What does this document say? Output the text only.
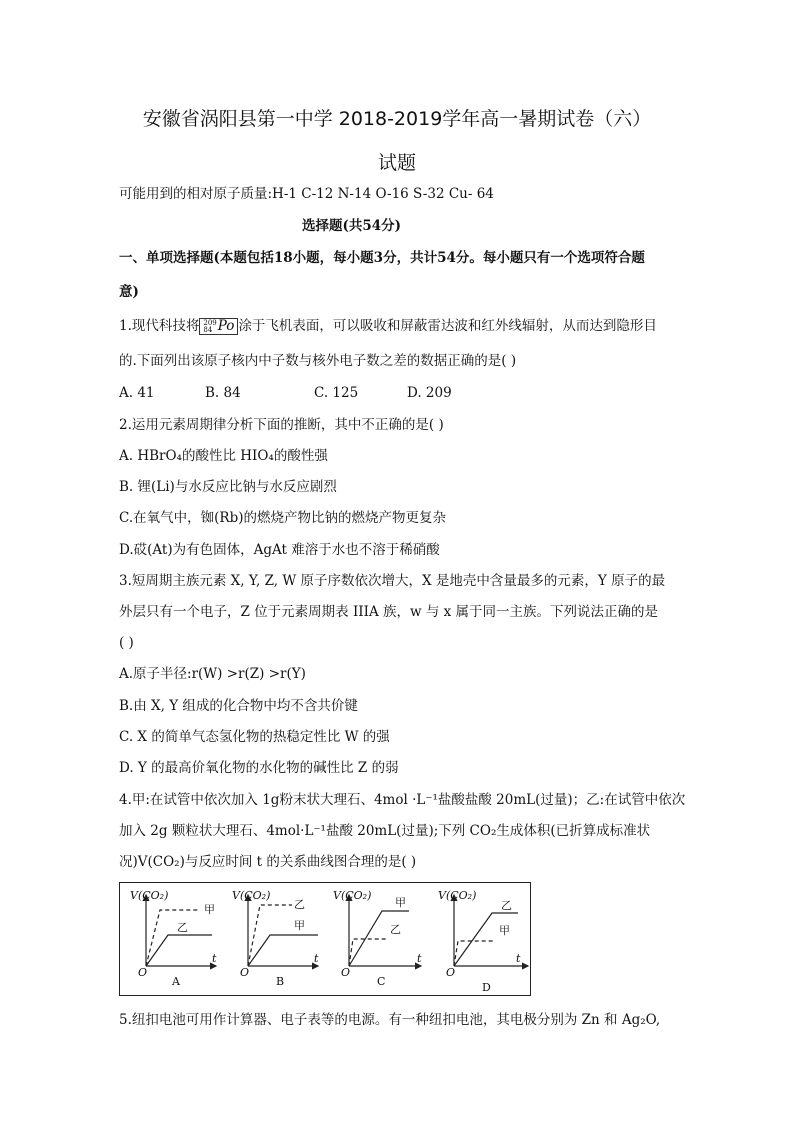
安徽省涡阳县第一中学 2018-2019学年高一暑期试卷（六）
试题
可能用到的相对原子质量:H-1 C-12 N-14 O-16 S-32 Cu- 64
选择题(共54分)
一、单项选择题(本题包括18小题，每小题3分，共计54分。每小题只有一个选项符合题
意)
1.现代科技将 209
84 Po 涂于飞机表面，可以吸收和屏蔽雷达波和红外线辐射，从而达到隐形目
的.下面列出该原子核内中子数与核外电子数之差的数据正确的是( )
A. 41	B. 84	C. 125	D. 209
2.运用元素周期律分析下面的推断，其中不正确的是( )
A. HBrO₄的酸性比 HIO₄的酸性强
B. 锂(Li)与水反应比钠与水反应剧烈
C.在氧气中，铷(Rb)的燃烧产物比钠的燃烧产物更复杂
D.砹(At)为有色固体，AgAt 难溶于水也不溶于稀硝酸
3.短周期主族元素 X, Y, Z, W 原子序数依次增大，X 是地壳中含量最多的元素，Y 原子的最
外层只有一个电子，Z 位于元素周期表 IIIA 族，w 与 x 属于同一主族。下列说法正确的是
( )
A.原子半径:r(W) >r(Z) >r(Y)
B.由 X, Y 组成的化合物中均不含共价键
C. X 的简单气态氢化物的热稳定性比 W 的强
D. Y 的最高价氧化物的水化物的碱性比 Z 的弱
4.甲:在试管中依次加入 1g粉末状大理石、4mol ·L⁻¹盐酸盐酸 20mL(过量)；乙:在试管中依次
加入 2g 颗粒状大理石、4mol·L⁻¹盐酸 20mL(过量);下列 CO₂生成体积(已折算成标准状
况)V(CO₂)与反应时间 t 的关系曲线图合理的是( )
V(CO₂)
甲
乙
O
t
A
V(CO₂)
乙
甲
O
t
B
V(CO₂)
甲
乙
O
t
C
V(CO₂)
乙
甲
O
t
D
5.纽扣电池可用作计算器、电子表等的电源。有一种纽扣电池，其电极分别为 Zn 和 Ag₂O,
